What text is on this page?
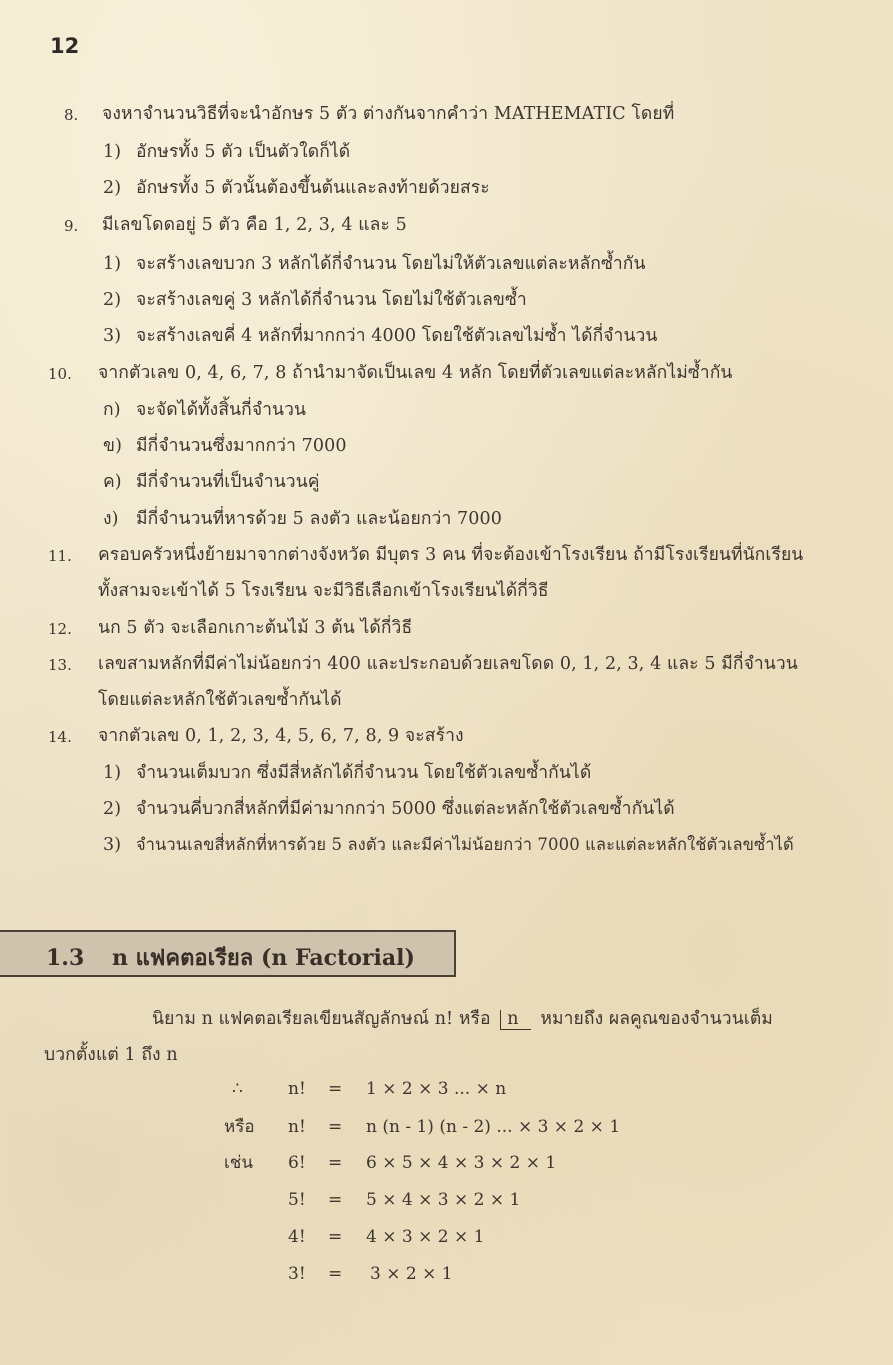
12
8. จงหาจำนวนวิธีที่จะนำอักษร 5 ตัว ต่างกันจากคำว่า MATHEMATIC โดยที่
1) อักษรทั้ง 5 ตัว เป็นตัวใดก็ได้
2) อักษรทั้ง 5 ตัวนั้นต้องขึ้นต้นและลงท้ายด้วยสระ
9. มีเลขโดดอยู่ 5 ตัว คือ 1, 2, 3, 4 และ 5
1) จะสร้างเลขบวก 3 หลักได้กี่จำนวน โดยไม่ให้ตัวเลขแต่ละหลักซ้ำกัน
2) จะสร้างเลขคู่ 3 หลักได้กี่จำนวน โดยไม่ใช้ตัวเลขซ้ำ
3) จะสร้างเลขคี่ 4 หลักที่มากกว่า 4000 โดยใช้ตัวเลขไม่ซ้ำ ได้กี่จำนวน
10. จากตัวเลข 0, 4, 6, 7, 8 ถ้านำมาจัดเป็นเลข 4 หลัก โดยที่ตัวเลขแต่ละหลักไม่ซ้ำกัน
ก) จะจัดได้ทั้งสิ้นกี่จำนวน
ข) มีกี่จำนวนซึ่งมากกว่า 7000
ค) มีกี่จำนวนที่เป็นจำนวนคู่
ง) มีกี่จำนวนที่หารด้วย 5 ลงตัว และน้อยกว่า 7000
11. ครอบครัวหนึ่งย้ายมาจากต่างจังหวัด มีบุตร 3 คน ที่จะต้องเข้าโรงเรียน ถ้ามีโรงเรียนที่นักเรียน
ทั้งสามจะเข้าได้ 5 โรงเรียน จะมีวิธีเลือกเข้าโรงเรียนได้กี่วิธี
12. นก 5 ตัว จะเลือกเกาะต้นไม้ 3 ต้น ได้กี่วิธี
13. เลขสามหลักที่มีค่าไม่น้อยกว่า 400 และประกอบด้วยเลขโดด 0, 1, 2, 3, 4 และ 5 มีกี่จำนวน
โดยแต่ละหลักใช้ตัวเลขซ้ำกันได้
14. จากตัวเลข 0, 1, 2, 3, 4, 5, 6, 7, 8, 9 จะสร้าง
1) จำนวนเต็มบวก ซึ่งมีสี่หลักได้กี่จำนวน โดยใช้ตัวเลขซ้ำกันได้
2) จำนวนคี่บวกสี่หลักที่มีค่ามากกว่า 5000 ซึ่งแต่ละหลักใช้ตัวเลขซ้ำกันได้
3) จำนวนเลขสี่หลักที่หารด้วย 5 ลงตัว และมีค่าไม่น้อยกว่า 7000 และแต่ละหลักใช้ตัวเลขซ้ำได้
1.3 n แฟคตอเรียล (n Factorial)
นิยาม n แฟคตอเรียลเขียนสัญลักษณ์ n! หรือ n หมายถึง ผลคูณของจำนวนเต็ม
บวกตั้งแต่ 1 ถึง n
∴	n! = 1 × 2 × 3 ... × n
หรือ n! = n (n - 1) (n - 2) ... × 3 × 2 × 1
เช่น 6! = 6 × 5 × 4 × 3 × 2 × 1
5! = 5 × 4 × 3 × 2 × 1
4! = 4 × 3 × 2 × 1
3! = 3 × 2 × 1
